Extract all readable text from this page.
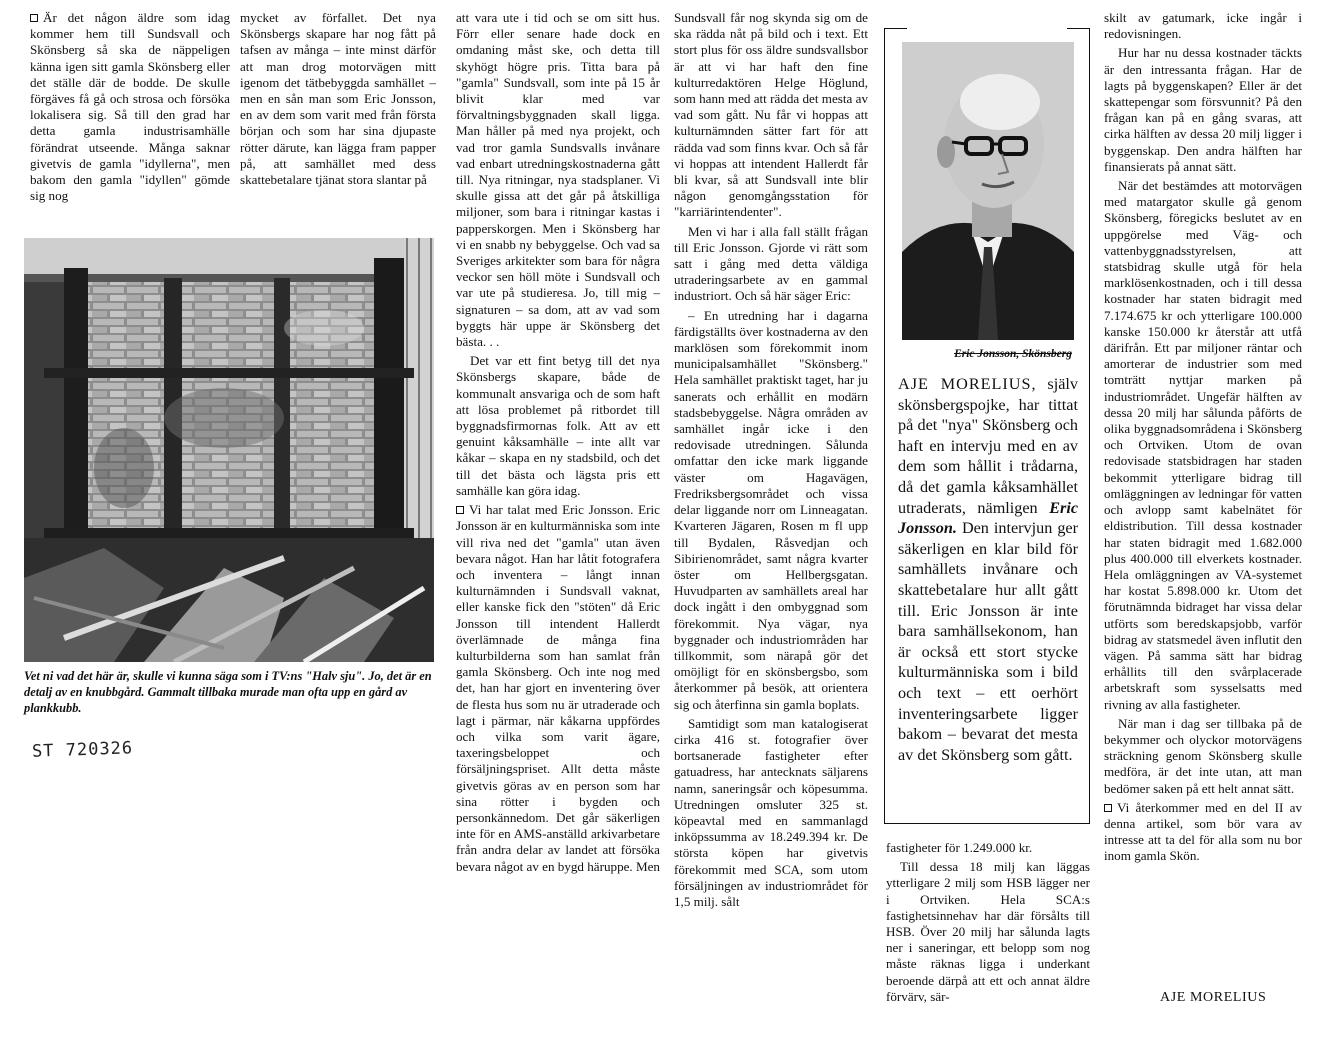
Är det någon äldre som idag kommer hem till Sundsvall och Skönsberg så ska de näppeligen känna igen sitt gamla Skönsberg eller det ställe där de bodde. De skulle förgäves få gå och strosa och försöka lokalisera sig. Så till den grad har detta gamla industrisamhälle förändrat utseende. Många saknar givetvis de gamla "idyllerna", men bakom den gamla "idyllen" gömde sig nog

mycket av förfallet. Det nya Skönsbergs skapare har nog fått på tafsen av många – inte minst därför att man drog motorvägen mitt igenom det tätbebyggda samhället – men en sån man som Eric Jonsson, en av dem som varit med från första början och som har sina djupaste rötter därute, kan lägga fram papper på, att samhället med dess skattebetalare tjänat stora slantar på

Vet ni vad det här är, skulle vi kunna säga som i TV:ns "Halv sju". Jo, det är en detalj av en knubbgård. Gammalt tillbaka murade man ofta upp en gård av plankkubb.
ST 720326

att vara ute i tid och se om sitt hus. Förr eller senare hade dock en omdaning måst ske, och detta till skyhögt högre pris. Titta bara på "gamla" Sundsvall, som inte på 15 år blivit klar med var förvaltningsbyggnaden skall ligga. Man håller på med nya projekt, och vad tror gamla Sundsvalls invånare vad enbart utredningskostnaderna gått till. Nya ritningar, nya stadsplaner. Vi skulle gissa att det går på åtskilliga miljoner, som bara i ritningar kastas i papperskorgen. Men i Skönsberg har vi en snabb ny bebyggelse. Och vad sa Sveriges arkitekter som bara för några veckor sen höll möte i Sundsvall och var ute på studieresa. Jo, till mig – signaturen – sa dom, att av vad som byggts här uppe är Skönsberg det bästa. . .

Det var ett fint betyg till det nya Skönsbergs skapare, både de kommunalt ansvariga och de som haft att lösa problemet på ritbordet till byggnadsfirmornas folk. Att av ett genuint kåksamhälle – inte allt var kåkar – skapa en ny stadsbild, och det till det bästa och lägsta pris ett samhälle kan göra idag.

Vi har talat med Eric Jonsson. Eric Jonsson är en kulturmänniska som inte vill riva ned det "gamla" utan även bevara något. Han har låtit fotografera och inventera – långt innan kulturnämnden i Sundsvall vaknat, eller kanske fick den "stöten" då Eric Jonsson till intendent Hallerdt överlämnade de många fina kulturbilderna som han samlat från gamla Skönsberg. Och inte nog med det, han har gjort en inventering över de flesta hus som nu är utraderade och lagt i pärmar, när kåkarna uppfördes och vilka som varit ägare, taxeringsbeloppet och försäljningspriset. Allt detta måste givetvis göras av en person som har sina rötter i bygden och personkännedom. Det går säkerligen inte för en AMS-anställd arkivarbetare från andra delar av landet att försöka bevara något av en bygd häruppe. Men

Sundsvall får nog skynda sig om de ska rädda nåt på bild och i text. Ett stort plus för oss äldre sundsvallsbor är att vi har haft den fine kulturredaktören Helge Höglund, som hann med att rädda det mesta av vad som gått. Nu får vi hoppas att kulturnämnden sätter fart för att rädda vad som finns kvar. Och så får vi hoppas att intendent Hallerdt får bli kvar, så att Sundsvall inte blir någon genomgångsstation för "karriärintendenter".

Men vi har i alla fall ställt frågan till Eric Jonsson. Gjorde vi rätt som satt i gång med detta väldiga utraderingsarbete av en gammal industriort. Och så här säger Eric:

– En utredning har i dagarna färdigställts över kostnaderna av den marklösen som förekommit inom municipalsamhället "Skönsberg." Hela samhället praktiskt taget, har ju sanerats och erhållit en modärn stadsbebyggelse. Några områden av samhället ingår icke i den redovisade utredningen. Sålunda omfattar den icke mark liggande väster om Hagavägen, Fredriksbergsområdet och vissa delar liggande norr om Linneagatan. Kvarteren Jägaren, Rosen m fl upp till Bydalen, Råsvedjan och Sibirienområdet, samt några kvarter öster om Hellbergsgatan. Huvudparten av samhällets areal har dock ingått i den ombyggnad som förekommit. Nya vägar, nya byggnader och industriområden har tillkommit, som närapå gör det omöjligt för en skönsbergsbo, som återkommer på besök, att orientera sig och återfinna sin gamla boplats.

Samtidigt som man katalogiserat cirka 416 st. fotografier över bortsanerade fastigheter efter gatuadress, har antecknats säljarens namn, saneringsår och köpesumma. Utredningen omsluter 325 st. köpeavtal med en sammanlagd inköpssumma av 18.249.394 kr. De största köpen har givetvis förekommit med SCA, som utom försäljningen av industriområdet för 1,5 milj. sålt

Eric Jonsson, Skönsberg
AJE MORELIUS, själv skönsbergspojke, har tittat på det "nya" Skönsberg och haft en intervju med en av dem som hållit i trådarna, då det gamla kåksamhället utraderats, nämligen Eric Jonsson. Den intervjun ger säkerligen en klar bild för samhällets invånare och skattebetalare hur allt gått till. Eric Jonsson är inte bara samhällsekonom, han är också ett stort stycke kulturmänniska som i bild och text – ett oerhört inventeringsarbete ligger bakom – bevarat det mesta av det Skönsberg som gått.

fastigheter för 1.249.000 kr.

Till dessa 18 milj kan läggas ytterligare 2 milj som HSB lägger ner i Ortviken. Hela SCA:s fastighetsinnehav har där försålts till HSB. Över 20 milj har sålunda lagts ner i saneringar, ett belopp som nog måste räknas ligga i underkant beroende därpå att ett och annat äldre förvärv, sär-

skilt av gatumark, icke ingår i redovisningen.

Hur har nu dessa kostnader täckts är den intressanta frågan. Har de lagts på byggenskapen? Eller är det skattepengar som försvunnit? På den frågan kan på en gång svaras, att cirka hälften av dessa 20 milj ligger i byggenskap. Den andra hälften har finansierats på annat sätt.

När det bestämdes att motorvägen med matargator skulle gå genom Skönsberg, föregicks beslutet av en uppgörelse med Väg- och vattenbyggnadsstyrelsen, att statsbidrag skulle utgå för hela marklösenkostnaden, och i till dessa kostnader har staten bidragit med 7.174.675 kr och ytterligare 100.000 kanske 150.000 kr återstår att utfå därifrån. Ett par miljoner räntar och amorterar de industrier som med tomträtt nyttjar marken på industriområdet. Ungefär hälften av dessa 20 milj har sålunda påförts de olika byggnadsområdena i Skönsberg och Ortviken. Utom de ovan redovisade statsbidragen har staden bekommit ytterligare bidrag till omläggningen av ledningar för vatten och avlopp samt kabelnätet för eldistribution. Till dessa kostnader har staten bidragit med 1.682.000 plus 400.000 till elverkets kostnader. Hela omläggningen av VA-systemet har kostat 5.898.000 kr. Utom det förutnämnda bidraget har vissa delar utförts som beredskapsjobb, varför bidrag av statsmedel även influtit den vägen. På samma sätt har bidrag erhållits till den svårplacerade arbetskraft som sysselsatts med rivning av alla fastigheter.

När man i dag ser tillbaka på de bekymmer och olyckor motorvägens sträckning genom Skönsberg skulle medföra, är det inte utan, att man bedömer saken på ett helt annat sätt.

Vi återkommer med en del II av denna artikel, som bör vara av intresse att ta del för alla som nu bor inom gamla Skön.

AJE MORELIUS
